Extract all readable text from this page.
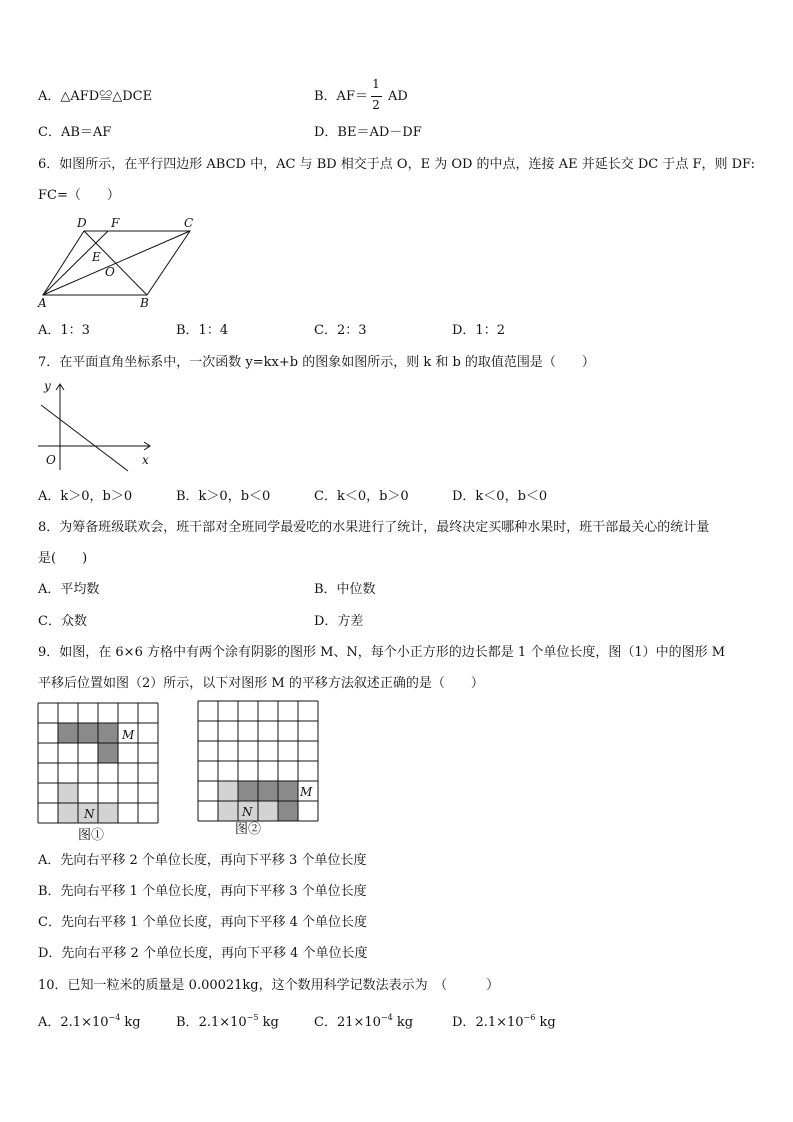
A．△AFD≌△DCE	B．AF＝
1
2
AD
C．AB＝AF	D．BE＝AD－DF
6．如图所示，在平行四边形 ABCD 中，AC 与 BD 相交于点 O，E 为 OD 的中点，连接 AE 并延长交 DC 于点 F，则 DF:
FC=（　　）
D F	C
E
O
A	B
A．1：3	B．1：4	C．2：3	D．1：2
7．在平面直角坐标系中，一次函数 y=kx+b 的图象如图所示，则 k 和 b 的取值范围是（　　）
y
x
O
A．k＞0，b＞0	B．k＞0，b＜0	C．k＜0，b＞0	D．k＜0，b＜0
8．为筹备班级联欢会，班干部对全班同学最爱吃的水果进行了统计，最终决定买哪种水果时，班干部最关心的统计量
是(　　)
A．平均数	B．中位数
C．众数	D．方差
9．如图，在 6×6 方格中有两个涂有阴影的图形 M、N，每个小正方形的边长都是 1 个单位长度，图（1）中的图形 M
平移后位置如图（2）所示，以下对图形 M 的平移方法叙述正确的是（　　）
M
N
图①
M
N
图②
A．先向右平移 2 个单位长度，再向下平移 3 个单位长度
B．先向右平移 1 个单位长度，再向下平移 3 个单位长度
C．先向右平移 1 个单位长度，再向下平移 4 个单位长度
D．先向右平移 2 个单位长度，再向下平移 4 个单位长度
10．已知一粒米的质量是 0.00021kg，这个数用科学记数法表示为　（　　　）
A．$2.1\times 10^{-4}$ kg	B．$2.1\times 10^{-5}$ kg	C．$21\times 10^{-4}$ kg	D．$2.1\times 10^{-6}$ kg
